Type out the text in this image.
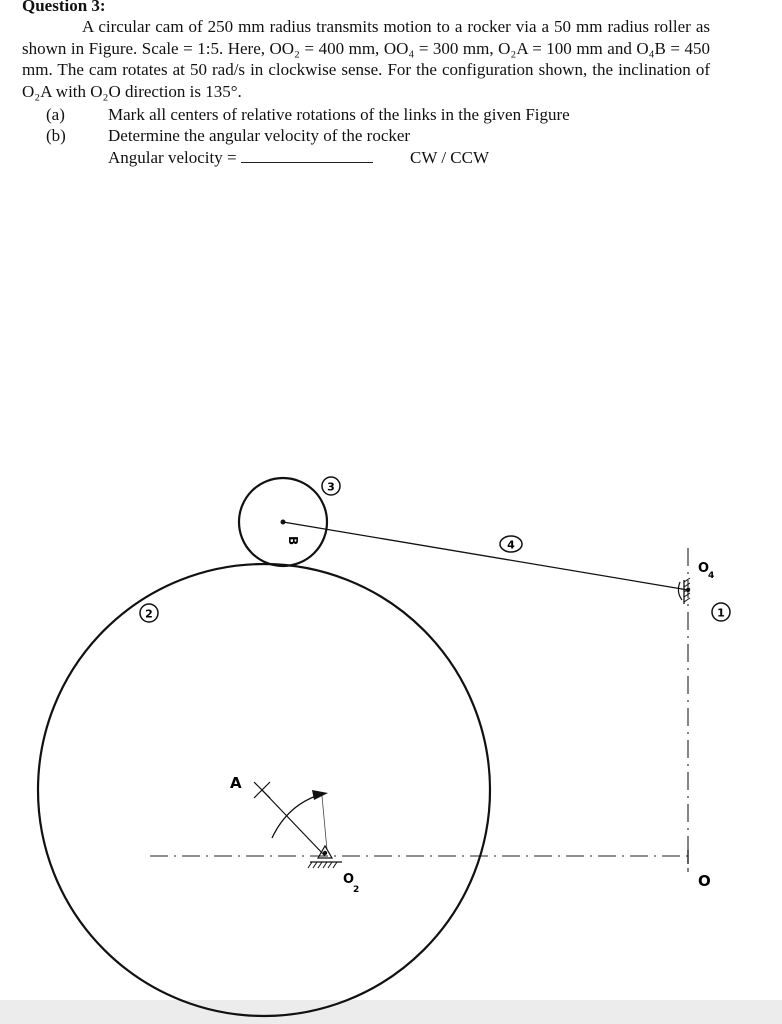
Question 3:
A circular cam of 250 mm radius transmits motion to a rocker via a 50 mm radius roller as shown in Figure. Scale = 1:5. Here, OO₂ = 400 mm, OO₄ = 300 mm, O₂A = 100 mm and O₄B = 450 mm. The cam rotates at 50 rad/s in clockwise sense. For the configuration shown, the inclination of O₂A with O₂O direction is 135°.
(a)	Mark all centers of relative rotations of the links in the given Figure
(b)	Determine the angular velocity of the rocker
Angular velocity =	CW / CCW
A
B
O
2
O
4
O
2
3
4
1
